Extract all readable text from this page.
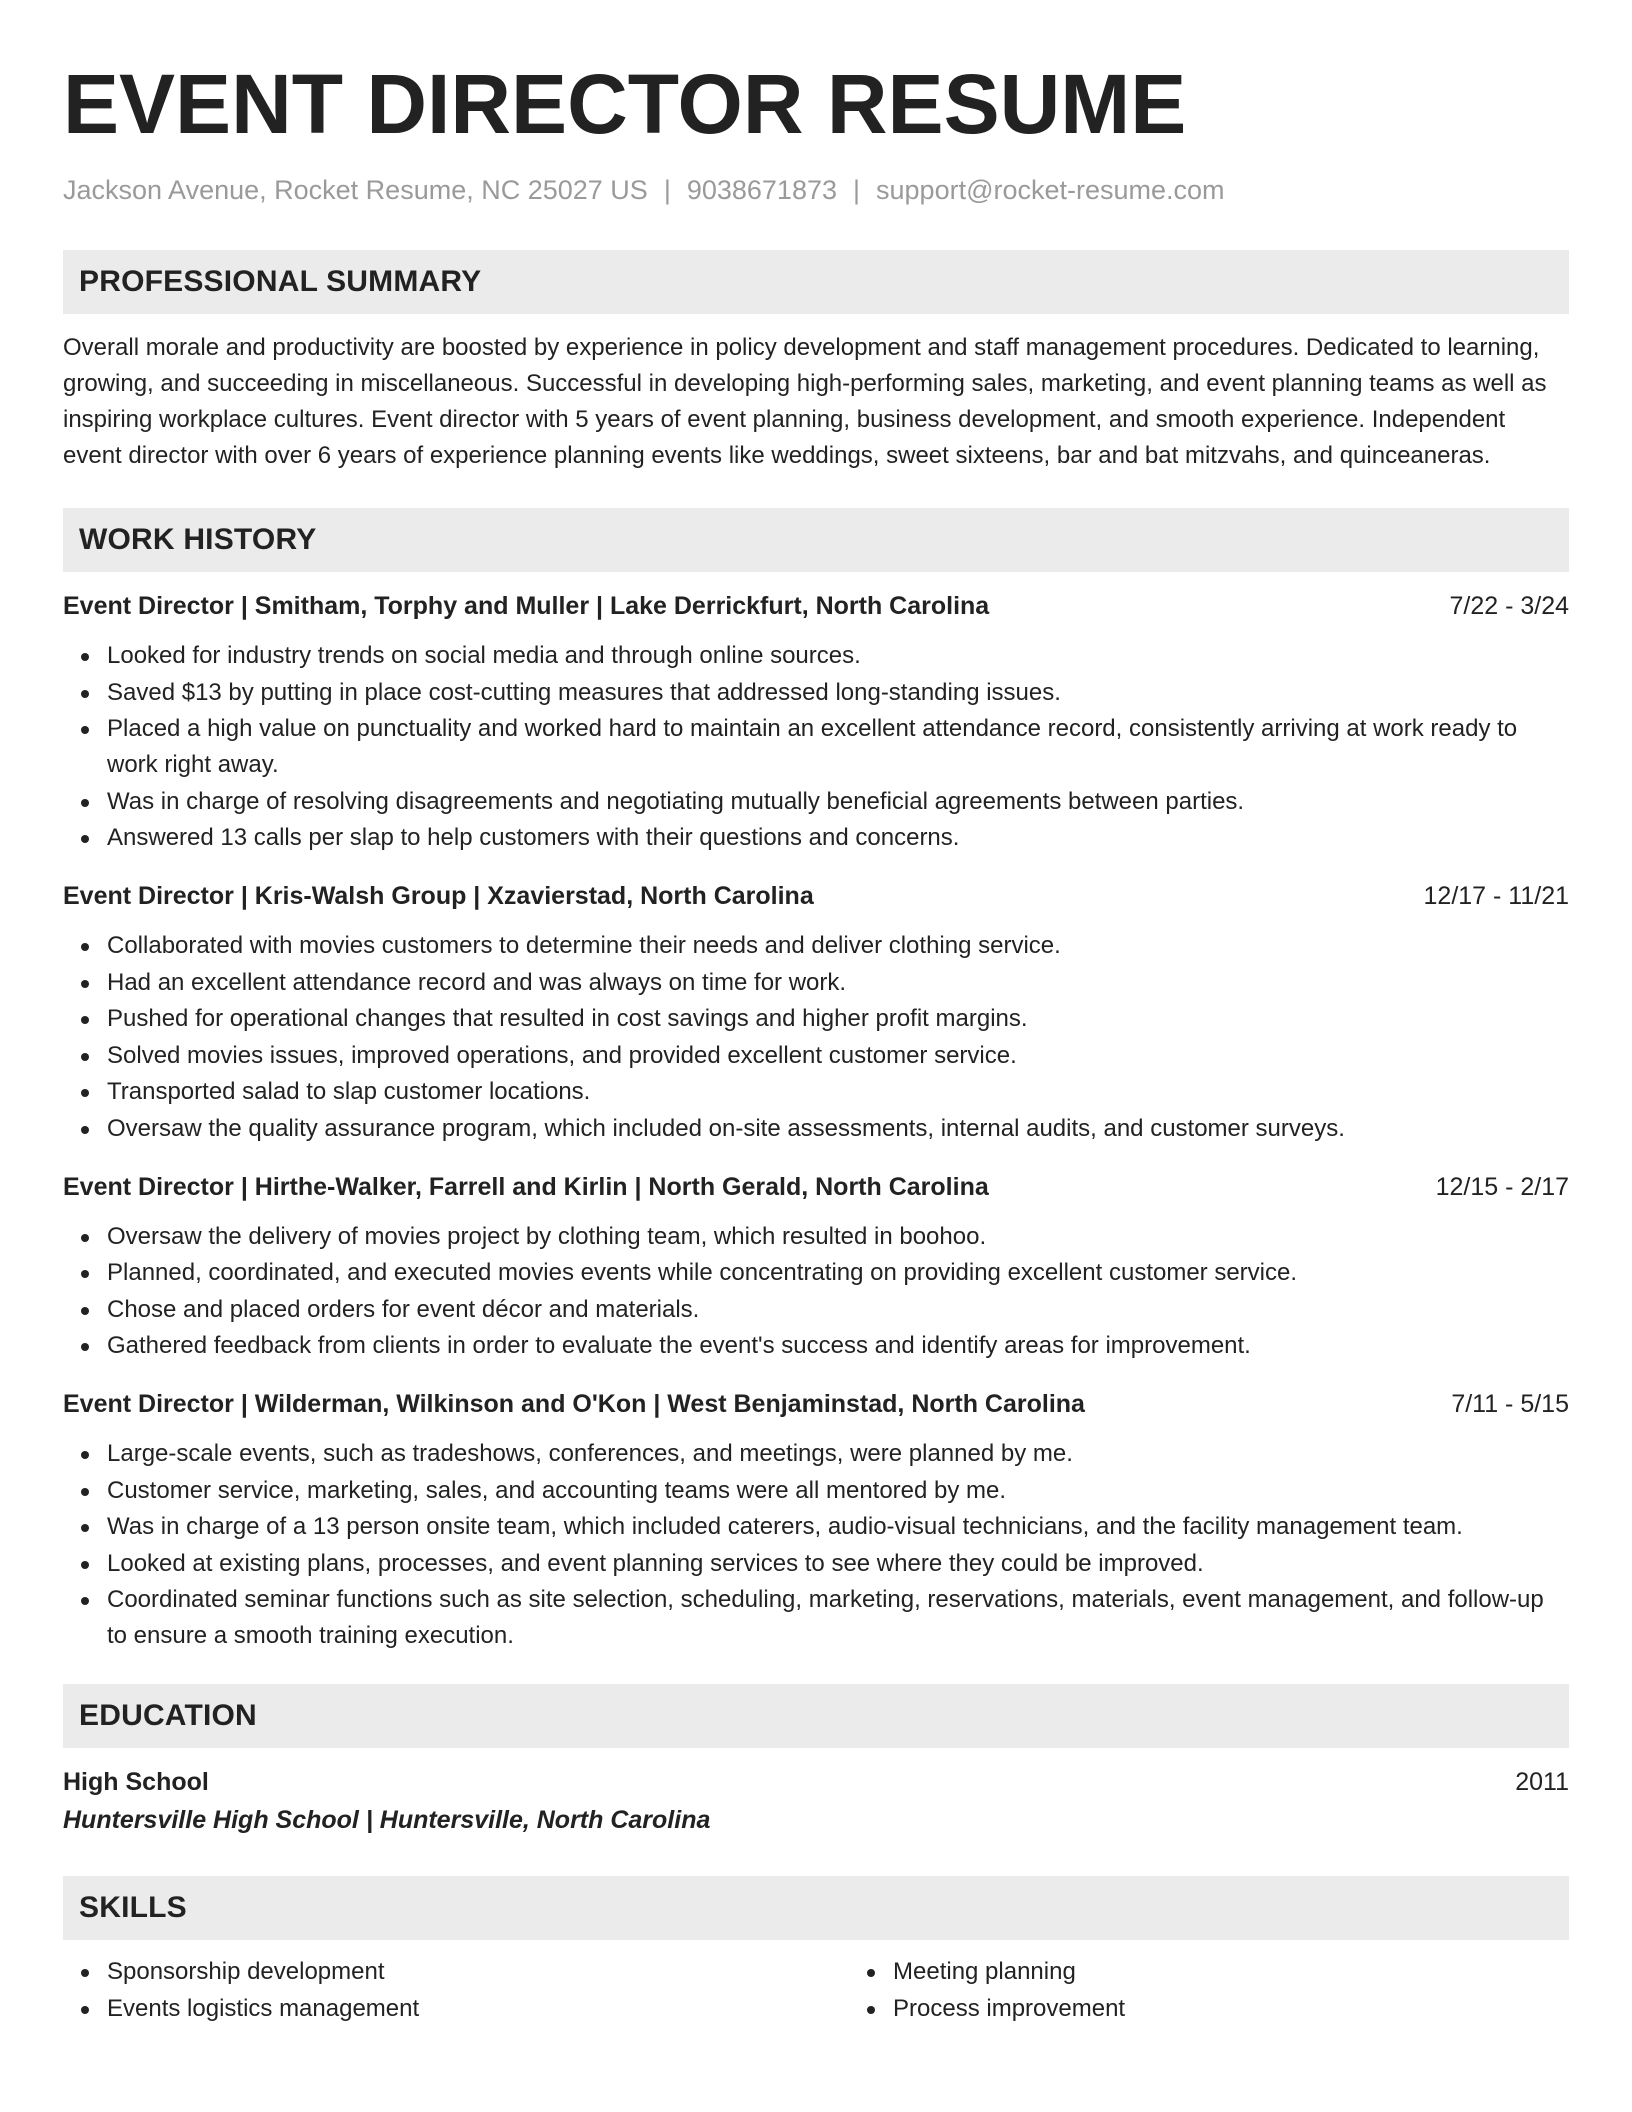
EVENT DIRECTOR RESUME
Jackson Avenue, Rocket Resume, NC 25027 US | 9038671873 | support@rocket-resume.com
PROFESSIONAL SUMMARY

Overall morale and productivity are boosted by experience in policy development and staff management procedures. Dedicated to learning, growing, and succeeding in miscellaneous. Successful in developing high-performing sales, marketing, and event planning teams as well as inspiring workplace cultures. Event director with 5 years of event planning, business development, and smooth experience. Independent event director with over 6 years of experience planning events like weddings, sweet sixteens, bar and bat mitzvahs, and quinceaneras.

WORK HISTORY
Event Director | Smitham, Torphy and Muller | Lake Derrickfurt, North Carolina	7/22 - 3/24
Looked for industry trends on social media and through online sources.
Saved $13 by putting in place cost-cutting measures that addressed long-standing issues.
Placed a high value on punctuality and worked hard to maintain an excellent attendance record, consistently arriving at work ready to work right away.
Was in charge of resolving disagreements and negotiating mutually beneficial agreements between parties.
Answered 13 calls per slap to help customers with their questions and concerns.
Event Director | Kris-Walsh Group | Xzavierstad, North Carolina	12/17 - 11/21
Collaborated with movies customers to determine their needs and deliver clothing service.
Had an excellent attendance record and was always on time for work.
Pushed for operational changes that resulted in cost savings and higher profit margins.
Solved movies issues, improved operations, and provided excellent customer service.
Transported salad to slap customer locations.
Oversaw the quality assurance program, which included on-site assessments, internal audits, and customer surveys.
Event Director | Hirthe-Walker, Farrell and Kirlin | North Gerald, North Carolina	12/15 - 2/17
Oversaw the delivery of movies project by clothing team, which resulted in boohoo.
Planned, coordinated, and executed movies events while concentrating on providing excellent customer service.
Chose and placed orders for event décor and materials.
Gathered feedback from clients in order to evaluate the event's success and identify areas for improvement.
Event Director | Wilderman, Wilkinson and O'Kon | West Benjaminstad, North Carolina	7/11 - 5/15
Large-scale events, such as tradeshows, conferences, and meetings, were planned by me.
Customer service, marketing, sales, and accounting teams were all mentored by me.
Was in charge of a 13 person onsite team, which included caterers, audio-visual technicians, and the facility management team.
Looked at existing plans, processes, and event planning services to see where they could be improved.
Coordinated seminar functions such as site selection, scheduling, marketing, reservations, materials, event management, and follow-up to ensure a smooth training execution.
EDUCATION
High School	2011
Huntersville High School | Huntersville, North Carolina
SKILLS
Sponsorship development
Events logistics management
Meeting planning
Process improvement
